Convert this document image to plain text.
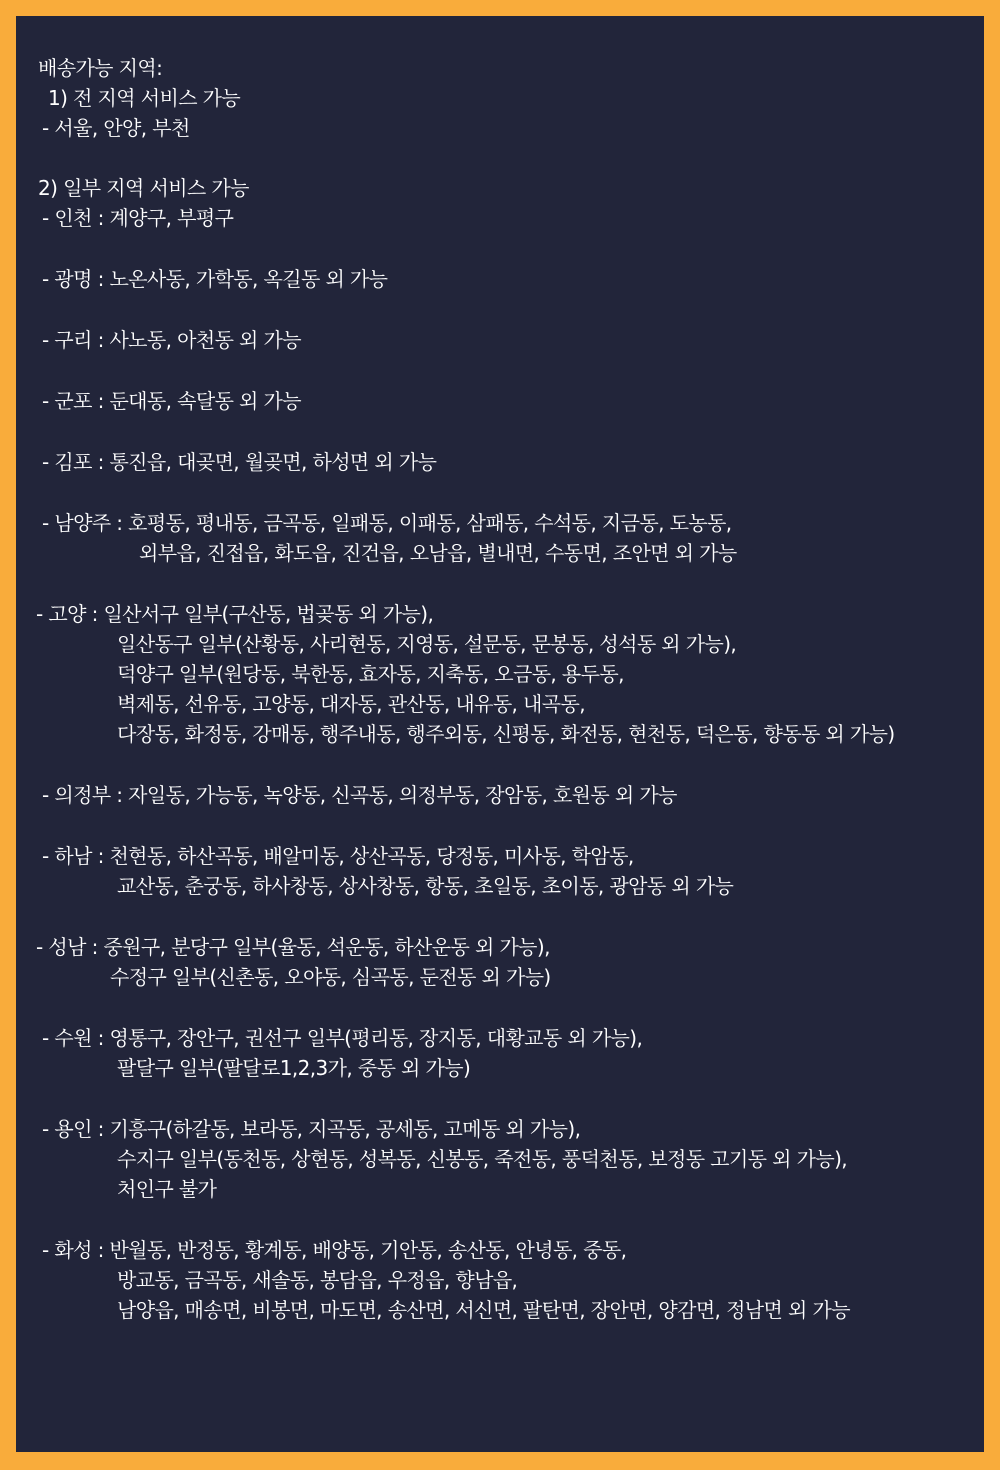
배송가능 지역:
1) 전 지역 서비스 가능
- 서울, 안양, 부천
2) 일부 지역 서비스 가능
- 인천 : 계양구, 부평구
- 광명 : 노온사동, 가학동, 옥길동 외 가능
- 구리 : 사노동, 아천동 외 가능
- 군포 : 둔대동, 속달동 외 가능
- 김포 : 통진읍, 대곶면, 월곶면, 하성면 외 가능
- 남양주 : 호평동, 평내동, 금곡동, 일패동, 이패동, 삼패동, 수석동, 지금동, 도농동,
외부읍, 진접읍, 화도읍, 진건읍, 오남읍, 별내면, 수동면, 조안면 외 가능
- 고양 : 일산서구 일부(구산동, 법곶동 외 가능),
일산동구 일부(산황동, 사리현동, 지영동, 설문동, 문봉동, 성석동 외 가능),
덕양구 일부(원당동, 북한동, 효자동, 지축동, 오금동, 용두동,
벽제동, 선유동, 고양동, 대자동, 관산동, 내유동, 내곡동,
다장동, 화정동, 강매동, 행주내동, 행주외동, 신평동, 화전동, 현천동, 덕은동, 향동동 외 가능)
- 의정부 : 자일동, 가능동, 녹양동, 신곡동, 의정부동, 장암동, 호원동 외 가능
- 하남 : 천현동, 하산곡동, 배알미동, 상산곡동, 당정동, 미사동, 학암동,
교산동, 춘궁동, 하사창동, 상사창동, 항동, 초일동, 초이동, 광암동 외 가능
- 성남 : 중원구, 분당구 일부(율동, 석운동, 하산운동 외 가능),
수정구 일부(신촌동, 오야동, 심곡동, 둔전동 외 가능)
- 수원 : 영통구, 장안구, 권선구 일부(평리동, 장지동, 대황교동 외 가능),
팔달구 일부(팔달로1,2,3가, 중동 외 가능)
- 용인 : 기흥구(하갈동, 보라동, 지곡동, 공세동, 고메동 외 가능),
수지구 일부(동천동, 상현동, 성복동, 신봉동, 죽전동, 풍덕천동, 보정동 고기동 외 가능),
처인구 불가
- 화성 : 반월동, 반정동, 황계동, 배양동, 기안동, 송산동, 안녕동, 중동,
방교동, 금곡동, 새솔동, 봉담읍, 우정읍, 향남읍,
남양읍, 매송면, 비봉면, 마도면, 송산면, 서신면, 팔탄면, 장안면, 양감면, 정남면 외 가능
